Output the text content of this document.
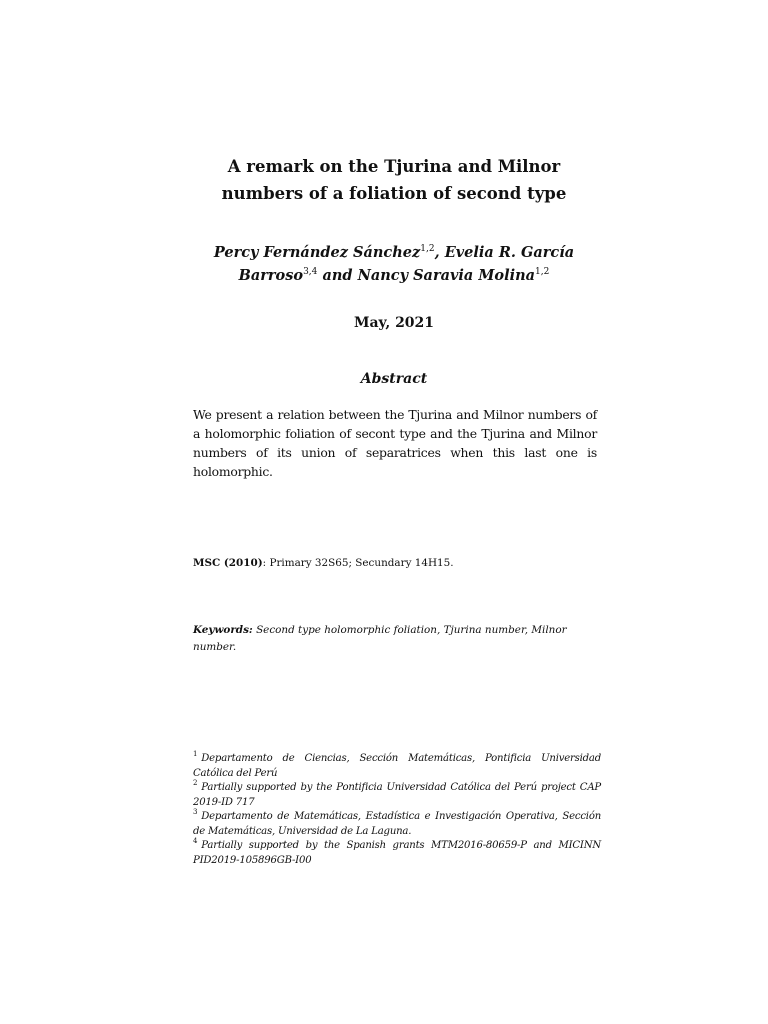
A remark on the Tjurina and Milnor
numbers of a foliation of second type
Percy Fernández Sánchez$^{1,2}$, Evelia R. García
Barroso$^{3,4}$ and Nancy Saravia Molina$^{1,2}$
May, 2021
Abstract
We present a relation between the Tjurina and Milnor numbers of a holomorphic foliation of secont type and the Tjurina and Milnor numbers of its union of separatrices when this last one is holomorphic.
MSC (2010): Primary 32S65; Secundary 14H15.
Keywords: Second type holomorphic foliation, Tjurina number, Milnor number.

$^1$ Departamento de Ciencias, Sección Matemáticas, Pontificia Universidad Católica del Perú

$^2$ Partially supported by the Pontificia Universidad Católica del Perú project CAP 2019-ID 717

$^3$ Departamento de Matemáticas, Estadística e Investigación Operativa, Sección de Matemáticas, Universidad de La Laguna.

$^4$ Partially supported by the Spanish grants MTM2016-80659-P and MICINN PID2019-105896GB-I00
